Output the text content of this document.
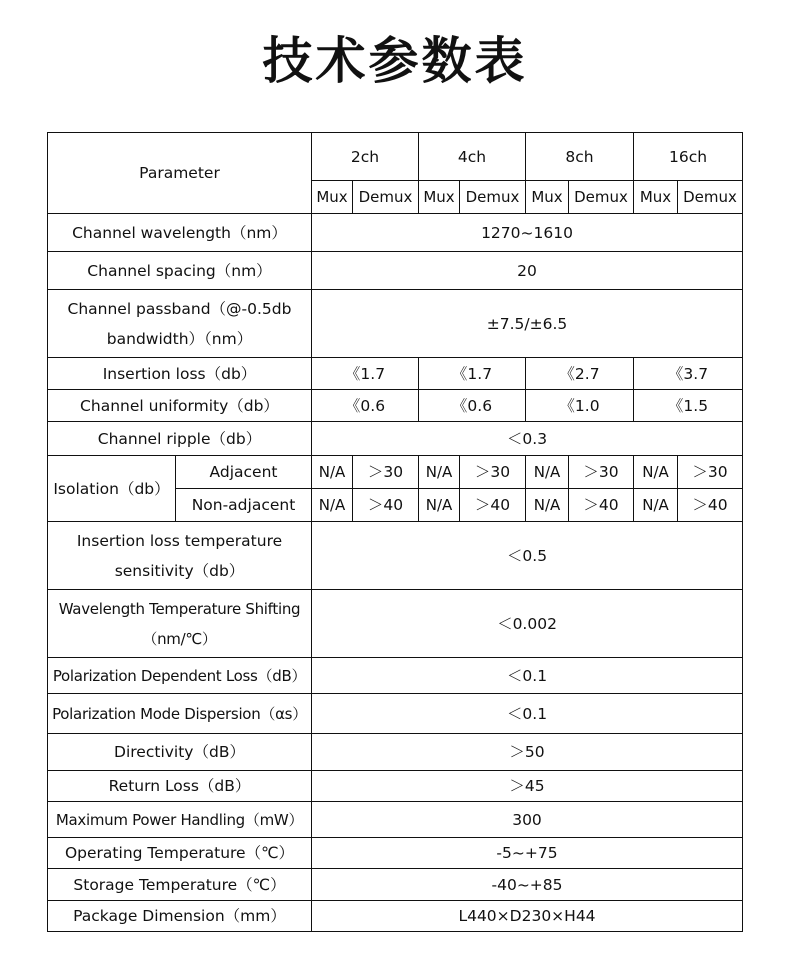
技术参数表
Parameter		2ch		4ch		8ch		16ch	
		Mux	Demux	Mux	Demux	Mux	Demux	Mux	Demux
Channel wavelength（nm）		1270~1610							
Channel spacing（nm）		20							
Channel passband（@-0.5db bandwidth）（nm）		±7.5/±6.5							
Insertion loss（db）		《1.7		《1.7		《2.7		《3.7	
Channel uniformity（db）		《0.6		《0.6		《1.0		《1.5	
Channel ripple（db）		＜0.3							
Isolation（db）	Adjacent	N/A	＞30	N/A	＞30	N/A	＞30	N/A	＞30
	Non-adjacent	N/A	＞40	N/A	＞40	N/A	＞40	N/A	＞40
Insertion loss temperature sensitivity（db）		＜0.5							
Wavelength Temperature Shifting（nm/℃）		＜0.002							
Polarization Dependent Loss（dB）		＜0.1							
Polarization Mode Dispersion（αs）		＜0.1							
Directivity（dB）		＞50							
Return Loss（dB）		＞45							
Maximum Power Handling（mW）		300							
Operating Temperature（℃）		-5~+75							
Storage Temperature（℃）		-40~+85							
Package Dimension（mm）		L440×D230×H44							
